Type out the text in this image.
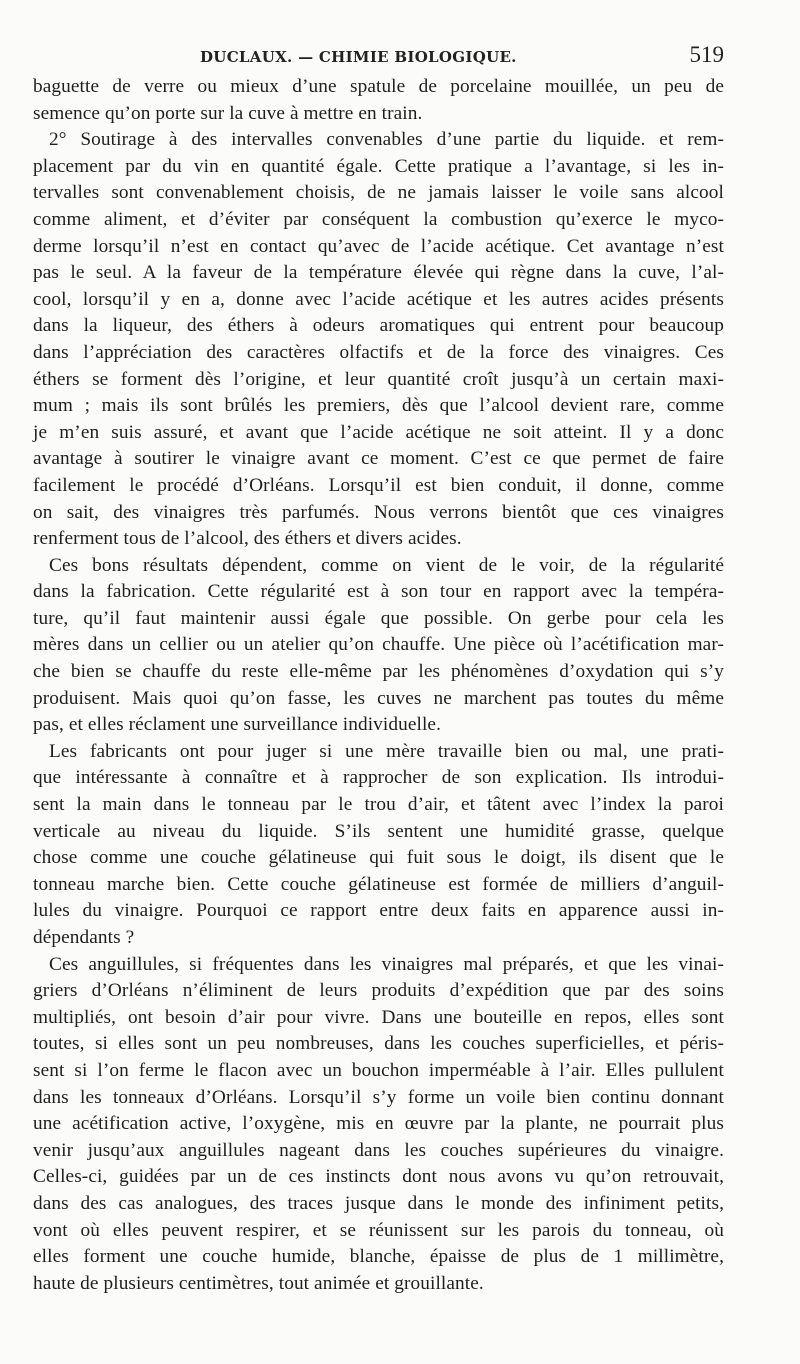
DUCLAUX. — CHIMIE BIOLOGIQUE.	519
baguette de verre ou mieux d’une spatule de porcelaine mouillée, un peu de
semence qu’on porte sur la cuve à mettre en train.
2° Soutirage à des intervalles convenables d’une partie du liquide. et rem-
placement par du vin en quantité égale. Cette pratique a l’avantage, si les in-
tervalles sont convenablement choisis, de ne jamais laisser le voile sans alcool
comme aliment, et d’éviter par conséquent la combustion qu’exerce le myco-
derme lorsqu’il n’est en contact qu’avec de l’acide acétique. Cet avantage n’est
pas le seul. A la faveur de la température élevée qui règne dans la cuve, l’al-
cool, lorsqu’il y en a, donne avec l’acide acétique et les autres acides présents
dans la liqueur, des éthers à odeurs aromatiques qui entrent pour beaucoup
dans l’appréciation des caractères olfactifs et de la force des vinaigres. Ces
éthers se forment dès l’origine, et leur quantité croît jusqu’à un certain maxi-
mum ; mais ils sont brûlés les premiers, dès que l’alcool devient rare, comme
je m’en suis assuré, et avant que l’acide acétique ne soit atteint. Il y a donc
avantage à soutirer le vinaigre avant ce moment. C’est ce que permet de faire
facilement le procédé d’Orléans. Lorsqu’il est bien conduit, il donne, comme
on sait, des vinaigres très parfumés. Nous verrons bientôt que ces vinaigres
renferment tous de l’alcool, des éthers et divers acides.
Ces bons résultats dépendent, comme on vient de le voir, de la régularité
dans la fabrication. Cette régularité est à son tour en rapport avec la tempéra-
ture, qu’il faut maintenir aussi égale que possible. On gerbe pour cela les
mères dans un cellier ou un atelier qu’on chauffe. Une pièce où l’acétification mar-
che bien se chauffe du reste elle-même par les phénomènes d’oxydation qui s’y
produisent. Mais quoi qu’on fasse, les cuves ne marchent pas toutes du même
pas, et elles réclament une surveillance individuelle.
Les fabricants ont pour juger si une mère travaille bien ou mal, une prati-
que intéressante à connaître et à rapprocher de son explication. Ils introdui-
sent la main dans le tonneau par le trou d’air, et tâtent avec l’index la paroi
verticale au niveau du liquide. S’ils sentent une humidité grasse, quelque
chose comme une couche gélatineuse qui fuit sous le doigt, ils disent que le
tonneau marche bien. Cette couche gélatineuse est formée de milliers d’anguil-
lules du vinaigre. Pourquoi ce rapport entre deux faits en apparence aussi in-
dépendants ?
Ces anguillules, si fréquentes dans les vinaigres mal préparés, et que les vinai-
griers d’Orléans n’éliminent de leurs produits d’expédition que par des soins
multipliés, ont besoin d’air pour vivre. Dans une bouteille en repos, elles sont
toutes, si elles sont un peu nombreuses, dans les couches superficielles, et péris-
sent si l’on ferme le flacon avec un bouchon imperméable à l’air. Elles pullulent
dans les tonneaux d’Orléans. Lorsqu’il s’y forme un voile bien continu donnant
une acétification active, l’oxygène, mis en œuvre par la plante, ne pourrait plus
venir jusqu’aux anguillules nageant dans les couches supérieures du vinaigre.
Celles-ci, guidées par un de ces instincts dont nous avons vu qu’on retrouvait,
dans des cas analogues, des traces jusque dans le monde des infiniment petits,
vont où elles peuvent respirer, et se réunissent sur les parois du tonneau, où
elles forment une couche humide, blanche, épaisse de plus de 1 millimètre,
haute de plusieurs centimètres, tout animée et grouillante.
